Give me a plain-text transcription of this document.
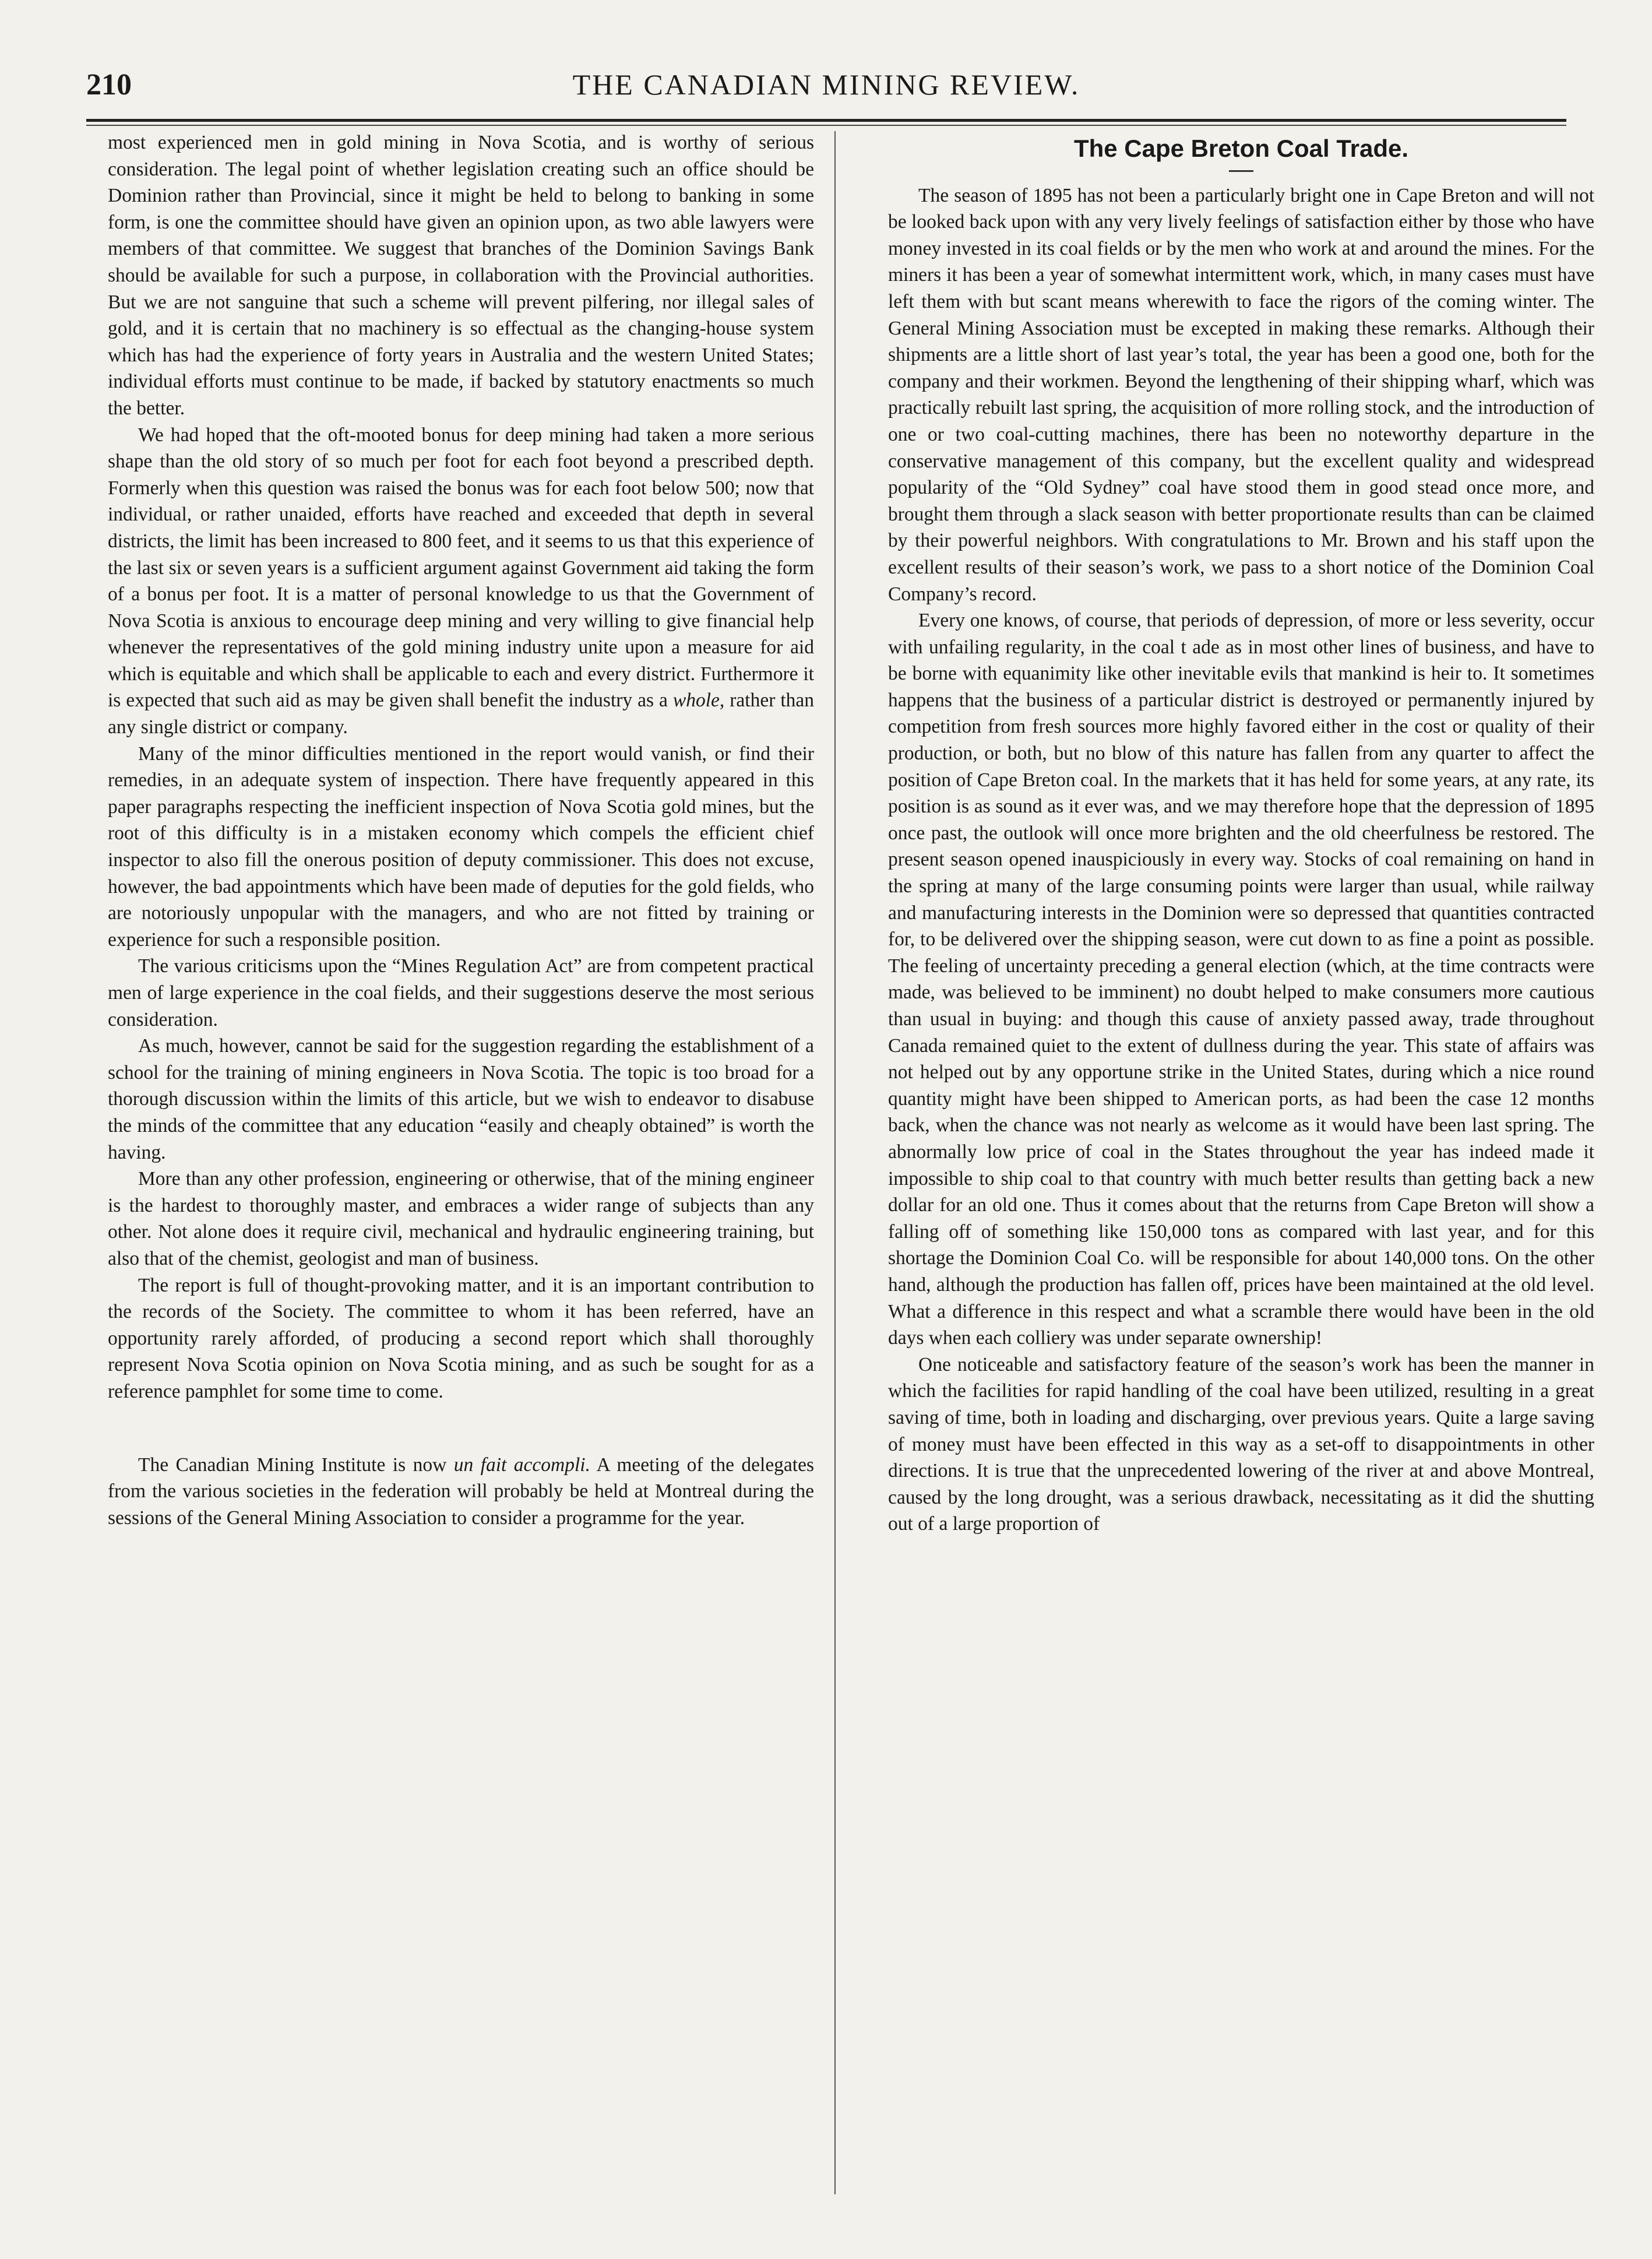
210	THE CANADIAN MINING REVIEW.

most experienced men in gold mining in Nova Scotia, and is worthy of serious consideration. The legal point of whether legislation creating such an office should be Dominion rather than Provincial, since it might be held to belong to banking in some form, is one the committee should have given an opinion upon, as two able lawyers were members of that committee. We suggest that branches of the Dominion Savings Bank should be available for such a purpose, in collaboration with the Provincial authorities. But we are not sanguine that such a scheme will prevent pilfering, nor illegal sales of gold, and it is certain that no machinery is so effectual as the changing-house system which has had the experience of forty years in Australia and the western United States; individual efforts must continue to be made, if backed by statutory enactments so much the better.

We had hoped that the oft-mooted bonus for deep mining had taken a more serious shape than the old story of so much per foot for each foot beyond a prescribed depth. Formerly when this question was raised the bonus was for each foot below 500; now that individual, or rather unaided, efforts have reached and exceeded that depth in several districts, the limit has been increased to 800 feet, and it seems to us that this experience of the last six or seven years is a sufficient argument against Government aid taking the form of a bonus per foot. It is a matter of personal knowledge to us that the Government of Nova Scotia is anxious to encourage deep mining and very willing to give financial help whenever the representatives of the gold mining industry unite upon a measure for aid which is equitable and which shall be applicable to each and every district. Furthermore it is expected that such aid as may be given shall benefit the industry as a whole, rather than any single district or company.

Many of the minor difficulties mentioned in the report would vanish, or find their remedies, in an adequate system of inspection. There have frequently appeared in this paper paragraphs respecting the inefficient inspection of Nova Scotia gold mines, but the root of this difficulty is in a mistaken economy which compels the efficient chief inspector to also fill the onerous position of deputy commissioner. This does not excuse, however, the bad appointments which have been made of deputies for the gold fields, who are notoriously unpopular with the managers, and who are not fitted by training or experience for such a responsible position.

The various criticisms upon the “Mines Regulation Act” are from competent practical men of large experience in the coal fields, and their suggestions deserve the most serious consideration.

As much, however, cannot be said for the suggestion regarding the establishment of a school for the training of mining engineers in Nova Scotia. The topic is too broad for a thorough discussion within the limits of this article, but we wish to endeavor to disabuse the minds of the committee that any education “easily and cheaply obtained” is worth the having.

More than any other profession, engineering or otherwise, that of the mining engineer is the hardest to thoroughly master, and embraces a wider range of subjects than any other. Not alone does it require civil, mechanical and hydraulic engineering training, but also that of the chemist, geologist and man of business.

The report is full of thought-provoking matter, and it is an important contribution to the records of the Society. The committee to whom it has been referred, have an opportunity rarely afforded, of producing a second report which shall thoroughly represent Nova Scotia opinion on Nova Scotia mining, and as such be sought for as a reference pamphlet for some time to come.

The Canadian Mining Institute is now un fait accompli. A meeting of the delegates from the various societies in the federation will probably be held at Montreal during the sessions of the General Mining Association to consider a programme for the year.

The Cape Breton Coal Trade.

The season of 1895 has not been a particularly bright one in Cape Breton and will not be looked back upon with any very lively feelings of satisfaction either by those who have money invested in its coal fields or by the men who work at and around the mines. For the miners it has been a year of somewhat intermittent work, which, in many cases must have left them with but scant means wherewith to face the rigors of the coming winter. The General Mining Association must be excepted in making these remarks. Although their shipments are a little short of last year’s total, the year has been a good one, both for the company and their workmen. Beyond the lengthening of their shipping wharf, which was practically rebuilt last spring, the acquisition of more rolling stock, and the introduction of one or two coal-cutting machines, there has been no noteworthy departure in the conservative management of this company, but the excellent quality and widespread popularity of the “Old Sydney” coal have stood them in good stead once more, and brought them through a slack season with better proportionate results than can be claimed by their powerful neighbors. With congratulations to Mr. Brown and his staff upon the excellent results of their season’s work, we pass to a short notice of the Dominion Coal Company’s record.

Every one knows, of course, that periods of depression, of more or less severity, occur with unfailing regularity, in the coal t ade as in most other lines of business, and have to be borne with equanimity like other inevitable evils that mankind is heir to. It sometimes happens that the business of a particular district is destroyed or permanently injured by competition from fresh sources more highly favored either in the cost or quality of their production, or both, but no blow of this nature has fallen from any quarter to affect the position of Cape Breton coal. In the markets that it has held for some years, at any rate, its position is as sound as it ever was, and we may therefore hope that the depression of 1895 once past, the outlook will once more brighten and the old cheerfulness be restored. The present season opened inauspiciously in every way. Stocks of coal remaining on hand in the spring at many of the large consuming points were larger than usual, while railway and manufacturing interests in the Dominion were so depressed that quantities contracted for, to be delivered over the shipping season, were cut down to as fine a point as possible. The feeling of uncertainty preceding a general election (which, at the time contracts were made, was believed to be imminent) no doubt helped to make consumers more cautious than usual in buying: and though this cause of anxiety passed away, trade throughout Canada remained quiet to the extent of dullness during the year. This state of affairs was not helped out by any opportune strike in the United States, during which a nice round quantity might have been shipped to American ports, as had been the case 12 months back, when the chance was not nearly as welcome as it would have been last spring. The abnormally low price of coal in the States throughout the year has indeed made it impossible to ship coal to that country with much better results than getting back a new dollar for an old one. Thus it comes about that the returns from Cape Breton will show a falling off of something like 150,000 tons as compared with last year, and for this shortage the Dominion Coal Co. will be responsible for about 140,000 tons. On the other hand, although the production has fallen off, prices have been maintained at the old level. What a difference in this respect and what a scramble there would have been in the old days when each colliery was under separate ownership!

One noticeable and satisfactory feature of the season’s work has been the manner in which the facilities for rapid handling of the coal have been utilized, resulting in a great saving of time, both in loading and discharging, over previous years. Quite a large saving of money must have been effected in this way as a set-off to disappointments in other directions. It is true that the unprecedented lowering of the river at and above Montreal, caused by the long drought, was a serious drawback, necessitating as it did the shutting out of a large proportion of
